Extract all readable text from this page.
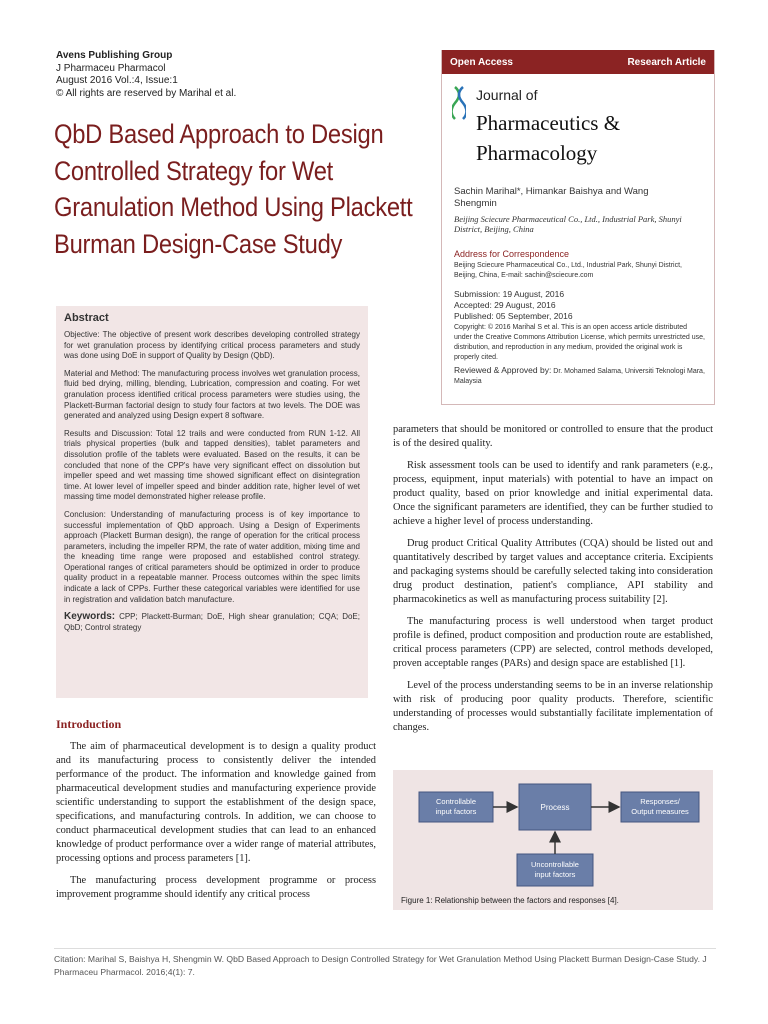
Avens Publishing Group
J Pharmaceu Pharmacol
August 2016 Vol.:4, Issue:1
© All rights are reserved by Marihal et al.
QbD Based Approach to Design Controlled Strategy for Wet Granulation Method Using Plackett Burman Design-Case Study
Open Access	Research Article
Journal of
Pharmaceutics &
Pharmacology
Sachin Marihal*, Himankar Baishya and Wang Shengmin
Beijing Sciecure Pharmaceutical Co., Ltd., Industrial Park, Shunyi District, Beijing, China
Address for Correspondence
Beijing Sciecure Pharmaceutical Co., Ltd., Industrial Park, Shunyi District, Beijing, China, E-mail: sachin@sciecure.com
Submission: 19 August, 2016
Accepted: 29 August, 2016
Published: 05 September, 2016
Copyright: © 2016 Marihal S et al. This is an open access article distributed under the Creative Commons Attribution License, which permits unrestricted use, distribution, and reproduction in any medium, provided the original work is properly cited.
Reviewed & Approved by: Dr. Mohamed Salama, Universiti Teknologi Mara, Malaysia
Abstract

Objective: The objective of present work describes developing controlled strategy for wet granulation process by identifying critical process parameters and study was done using DoE in support of Quality by Design (QbD).

Material and Method: The manufacturing process involves wet granulation process, fluid bed drying, milling, blending, Lubrication, compression and coating. For wet granulation process identified critical process parameters were studies using, the Plackett-Burman factorial design to study four factors at two levels. The DOE was generated and analyzed using Design expert 8 software.

Results and Discussion: Total 12 trails and were conducted from RUN 1-12. All trials physical properties (bulk and tapped densities), tablet parameters and dissolution profile of the tablets were evaluated. Based on the results, it can be concluded that none of the CPP's have very significant effect on dissolution but impeller speed and wet massing time showed significant effect on disintegration time. At lower level of impeller speed and binder addition rate, higher level of wet massing time model demonstrated higher release profile.

Conclusion: Understanding of manufacturing process is of key importance to successful implementation of QbD approach. Using a Design of Experiments approach (Plackett Burman design), the range of operation for the critical process parameters, including the impeller RPM, the rate of water addition, mixing time and the kneading time range were proposed and established control strategy. Operational ranges of critical parameters should be optimized in order to produce quality product in a repeatable manner. Process outcomes within the spec limits indicate a lack of CPPs. Further these categorical variables were identified for use in registration and validation batch manufacture.

Keywords: CPP; Plackett-Burman; DoE, High shear granulation; CQA; DoE; QbD; Control strategy

Introduction

The aim of pharmaceutical development is to design a quality product and its manufacturing process to consistently deliver the intended performance of the product. The information and knowledge gained from pharmaceutical development studies and manufacturing experience provide scientific understanding to support the establishment of the design space, specifications, and manufacturing controls. In addition, we can choose to conduct pharmaceutical development studies that can lead to an enhanced knowledge of product performance over a wider range of material attributes, processing options and process parameters [1].

The manufacturing process development programme or process improvement programme should identify any critical process

parameters that should be monitored or controlled to ensure that the product is of the desired quality.

Risk assessment tools can be used to identify and rank parameters (e.g., process, equipment, input materials) with potential to have an impact on product quality, based on prior knowledge and initial experimental data. Once the significant parameters are identified, they can be further studied to achieve a higher level of process understanding.

Drug product Critical Quality Attributes (CQA) should be listed out and quantitatively described by target values and acceptance criteria. Excipients and packaging systems should be carefully selected taking into consideration drug product destination, patient's compliance, API stability and pharmacokinetics as well as manufacturing process suitability [2].

The manufacturing process is well understood when target product profile is defined, product composition and production route are established, critical process parameters (CPP) are selected, control methods developed, proven acceptable ranges (PARs) and design space are established [1].

Level of the process understanding seems to be in an inverse relationship with risk of producing poor quality products. Therefore, scientific understanding of processes would substantially facilitate implementation of changes.

Controllable
input factors	Process
Responses/
Output measures
Uncontrollable
input factors
Figure 1: Relationship between the factors and responses [4].
Citation: Marihal S, Baishya H, Shengmin W. QbD Based Approach to Design Controlled Strategy for Wet Granulation Method Using Plackett Burman Design-Case Study. J Pharmaceu Pharmacol. 2016;4(1): 7.
